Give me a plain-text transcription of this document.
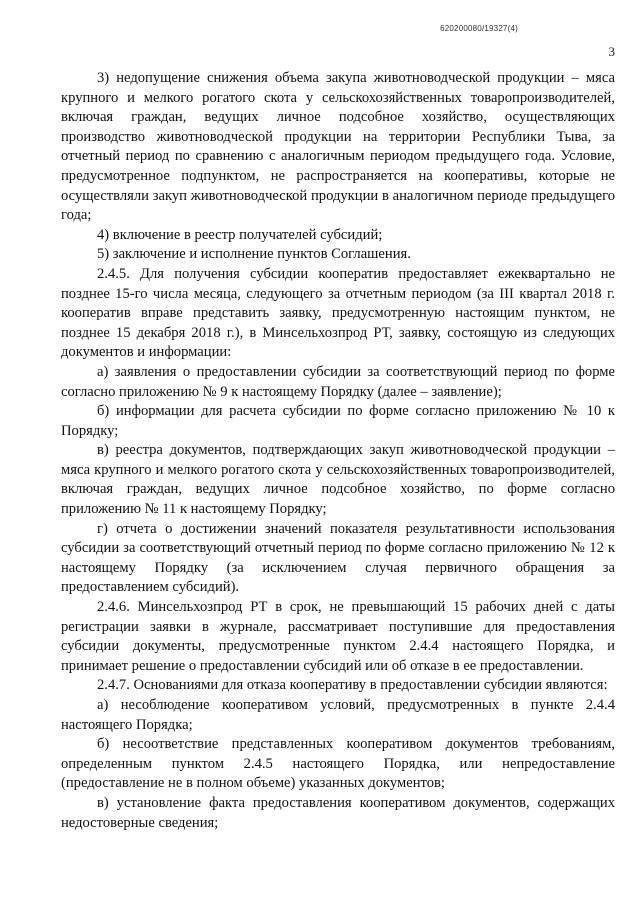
620200080/19327(4)
3

3) недопущение снижения объема закупа животноводческой продукции – мяса крупного и мелкого рогатого скота у сельскохозяйственных товаропроизводителей, включая граждан, ведущих личное подсобное хозяйство, осуществляющих производство животноводческой продукции на территории Республики Тыва, за отчетный период по сравнению с аналогичным периодом предыдущего года. Условие, предусмотренное подпунктом, не распространяется на кооперативы, которые не осуществляли закуп животноводческой продукции в аналогичном периоде предыдущего года;

4) включение в реестр получателей субсидий;

5) заключение и исполнение пунктов Соглашения.

2.4.5. Для получения субсидии кооператив предоставляет ежеквартально не позднее 15-го числа месяца, следующего за отчетным периодом (за III квартал 2018 г. кооператив вправе представить заявку, предусмотренную настоящим пунктом, не позднее 15 декабря 2018 г.), в Минсельхозпрод РТ, заявку, состоящую из следующих документов и информации:

а) заявления о предоставлении субсидии за соответствующий период по форме согласно приложению № 9 к настоящему Порядку (далее – заявление);

б) информации для расчета субсидии по форме согласно приложению № 10 к Порядку;

в) реестра документов, подтверждающих закуп животноводческой продукции – мяса крупного и мелкого рогатого скота у сельскохозяйственных товаропроизводителей, включая граждан, ведущих личное подсобное хозяйство, по форме согласно приложению № 11 к настоящему Порядку;

г) отчета о достижении значений показателя результативности использования субсидии за соответствующий отчетный период по форме согласно приложению № 12 к настоящему Порядку (за исключением случая первичного обращения за предоставлением субсидий).

2.4.6. Минсельхозпрод РТ в срок, не превышающий 15 рабочих дней с даты регистрации заявки в журнале, рассматривает поступившие для предоставления субсидии документы, предусмотренные пунктом 2.4.4 настоящего Порядка, и принимает решение о предоставлении субсидий или об отказе в ее предоставлении.

2.4.7. Основаниями для отказа кооперативу в предоставлении субсидии являются:

а) несоблюдение кооперативом условий, предусмотренных в пункте 2.4.4 настоящего Порядка;

б) несоответствие представленных кооперативом документов требованиям, определенным пунктом 2.4.5 настоящего Порядка, или непредоставление (предоставление не в полном объеме) указанных документов;

в) установление факта предоставления кооперативом документов, содержащих недостоверные сведения;
